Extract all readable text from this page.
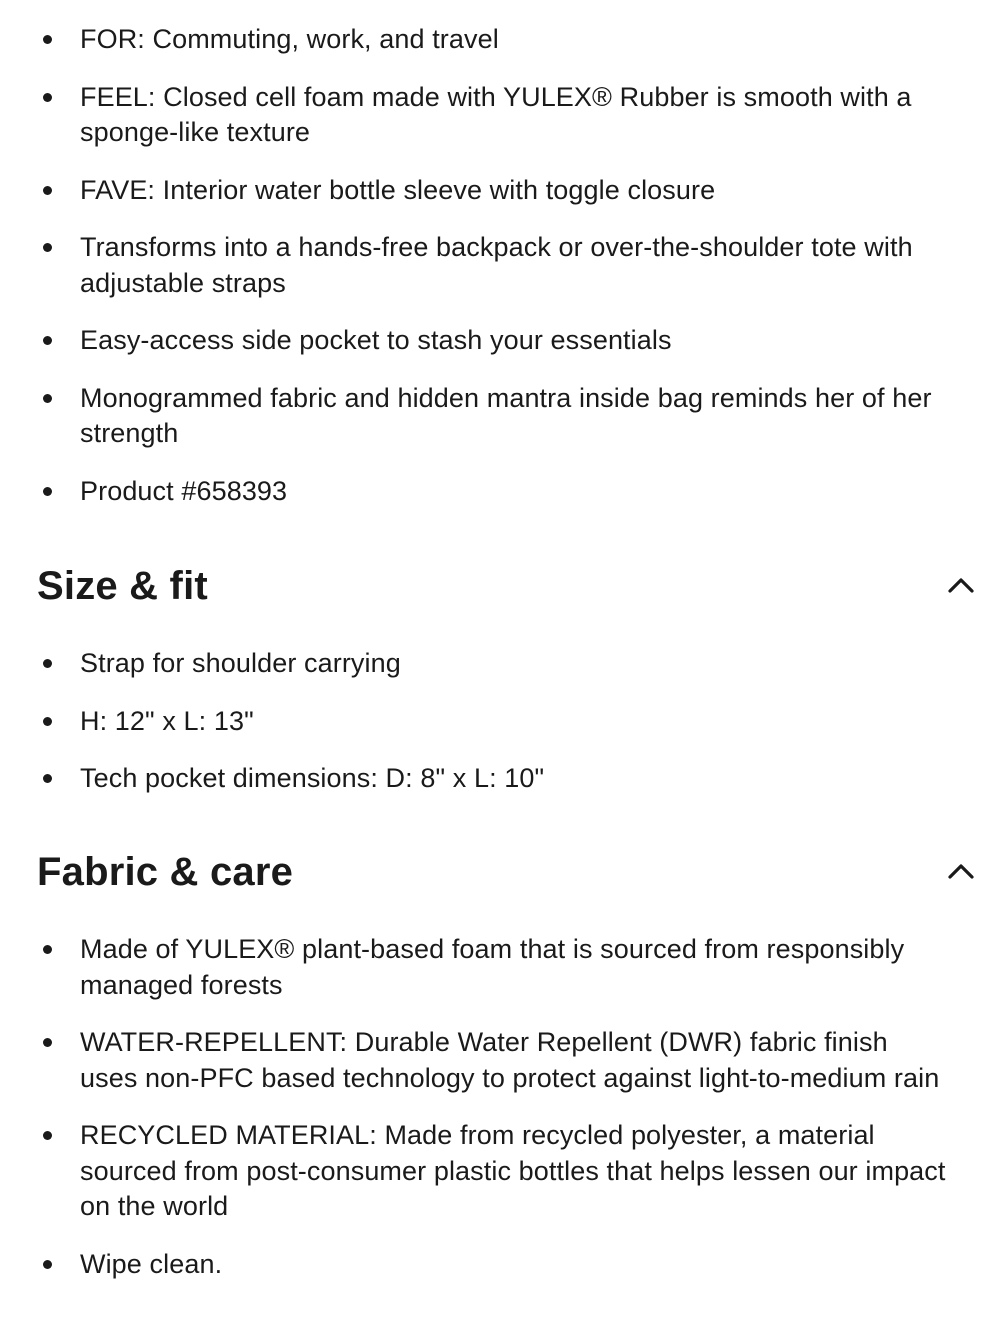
FOR: Commuting, work, and travel
FEEL: Closed cell foam made with YULEX® Rubber is smooth with a sponge-like texture
FAVE: Interior water bottle sleeve with toggle closure
Transforms into a hands-free backpack or over-the-shoulder tote with adjustable straps
Easy-access side pocket to stash your essentials
Monogrammed fabric and hidden mantra inside bag reminds her of her strength
Product #658393
Size & fit
Strap for shoulder carrying
H: 12" x L: 13"
Tech pocket dimensions: D: 8" x L: 10"
Fabric & care
Made of YULEX® plant-based foam that is sourced from responsibly managed forests
WATER-REPELLENT: Durable Water Repellent (DWR) fabric finish uses non-PFC based technology to protect against light-to-medium rain
RECYCLED MATERIAL: Made from recycled polyester, a material sourced from post-consumer plastic bottles that helps lessen our impact on the world
Wipe clean.
